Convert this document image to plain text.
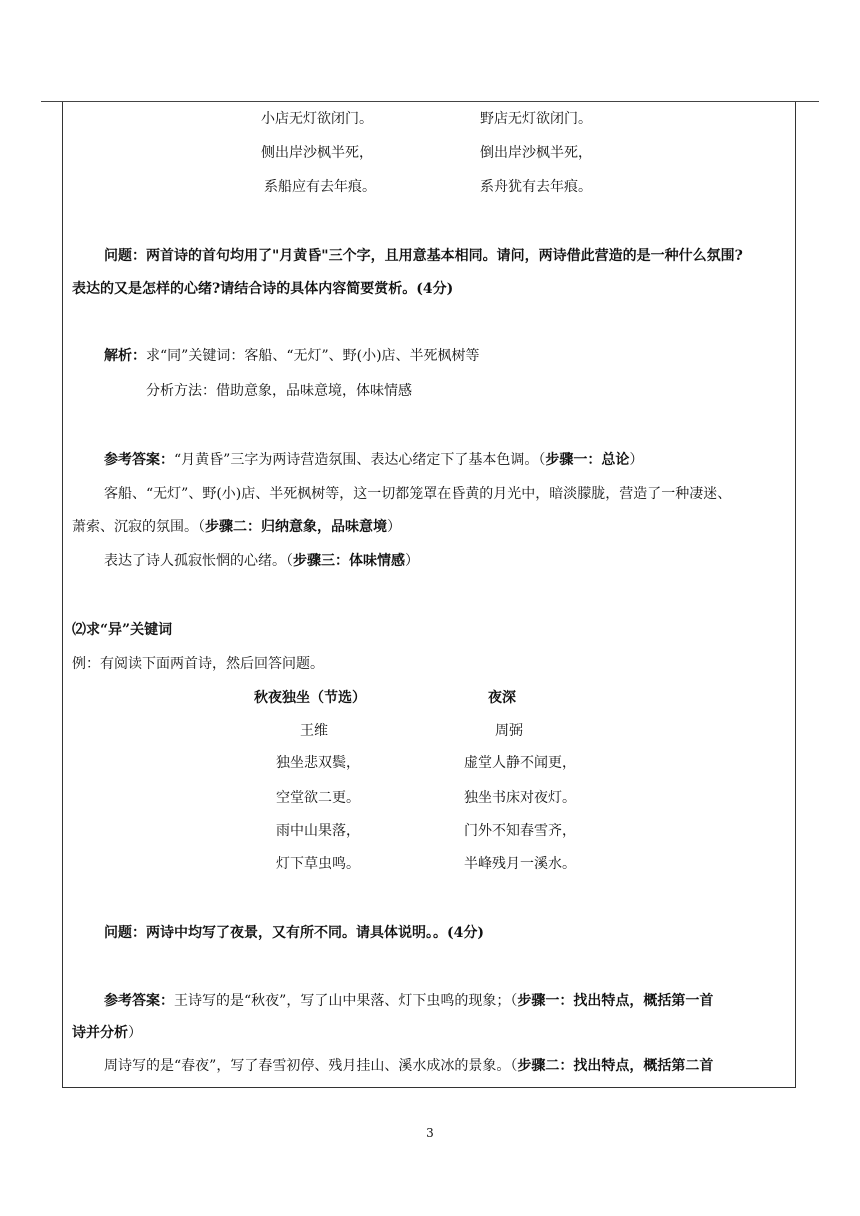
小店无灯欲闭门。
侧出岸沙枫半死，
系船应有去年痕。
野店无灯欲闭门。
倒出岸沙枫半死，
系舟犹有去年痕。
问题：两首诗的首句均用了"月黄昏"三个字，且用意基本相同。请问，两诗借此营造的是一种什么氛围?
表达的又是怎样的心绪?请结合诗的具体内容简要赏析。(4分)
解析：求“同”关键词：客船、“无灯”、野(小)店、半死枫树等
分析方法：借助意象，品味意境，体味情感
参考答案：“月黄昏”三字为两诗营造氛围、表达心绪定下了基本色调。（步骤一：总论）
客船、“无灯”、野(小)店、半死枫树等，这一切都笼罩在昏黄的月光中，暗淡朦胧，营造了一种凄迷、
萧索、沉寂的氛围。（步骤二：归纳意象，品味意境）
表达了诗人孤寂怅惘的心绪。（步骤三：体味情感）
⑵求“异”关键词
例：有阅读下面两首诗，然后回答问题。
秋夜独坐（节选）
王维
独坐悲双鬓，
空堂欲二更。
雨中山果落，
灯下草虫鸣。
夜深
周弼
虚堂人静不闻更，
独坐书床对夜灯。
门外不知春雪齐，
半峰残月一溪水。
问题：两诗中均写了夜景，又有所不同。请具体说明。。(4分)
参考答案：王诗写的是“秋夜”，写了山中果落、灯下虫鸣的现象；（步骤一：找出特点，概括第一首
诗并分析）
周诗写的是“春夜”，写了春雪初停、残月挂山、溪水成冰的景象。（步骤二：找出特点，概括第二首
3
